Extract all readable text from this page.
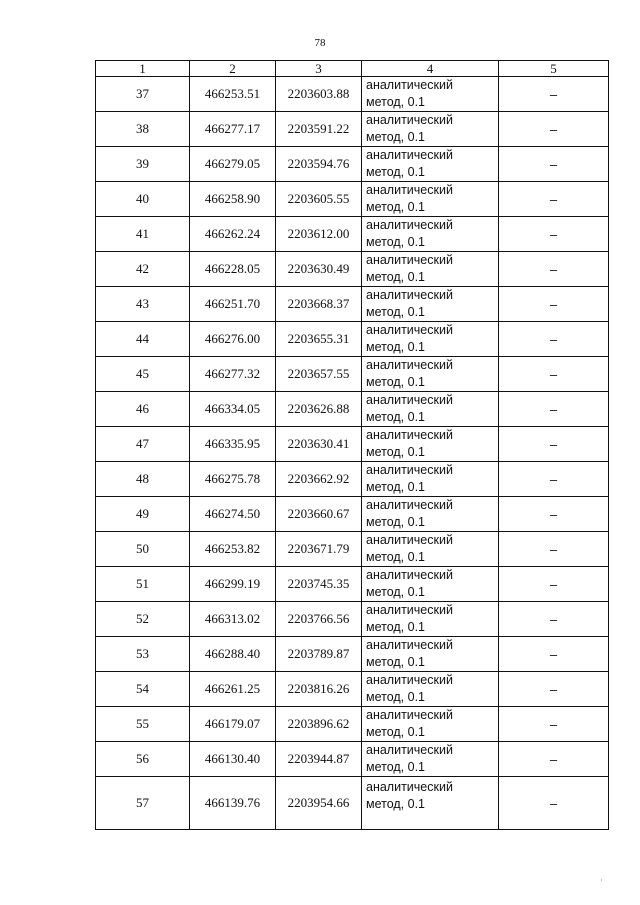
78
1	2	3	4	5
37	466253.51	2203603.88	аналитический
метод, 0.1	–
38	466277.17	2203591.22	аналитический
метод, 0.1	–
39	466279.05	2203594.76	аналитический
метод, 0.1	–
40	466258.90	2203605.55	аналитический
метод, 0.1	–
41	466262.24	2203612.00	аналитический
метод, 0.1	–
42	466228.05	2203630.49	аналитический
метод, 0.1	–
43	466251.70	2203668.37	аналитический
метод, 0.1	–
44	466276.00	2203655.31	аналитический
метод, 0.1	–
45	466277.32	2203657.55	аналитический
метод, 0.1	–
46	466334.05	2203626.88	аналитический
метод, 0.1	–
47	466335.95	2203630.41	аналитический
метод, 0.1	–
48	466275.78	2203662.92	аналитический
метод, 0.1	–
49	466274.50	2203660.67	аналитический
метод, 0.1	–
50	466253.82	2203671.79	аналитический
метод, 0.1	–
51	466299.19	2203745.35	аналитический
метод, 0.1	–
52	466313.02	2203766.56	аналитический
метод, 0.1	–
53	466288.40	2203789.87	аналитический
метод, 0.1	–
54	466261.25	2203816.26	аналитический
метод, 0.1	–
55	466179.07	2203896.62	аналитический
метод, 0.1	–
56	466130.40	2203944.87	аналитический
метод, 0.1	–
57	466139.76	2203954.66	аналитический
метод, 0.1	–
·
